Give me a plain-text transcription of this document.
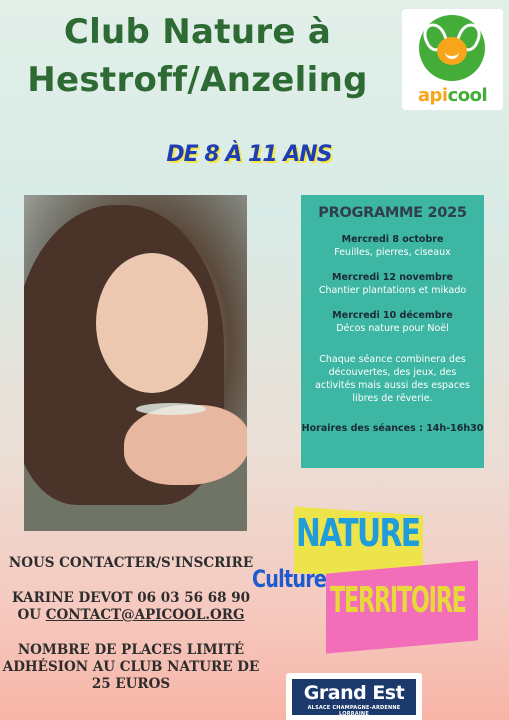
Club Nature à
Hestroff/Anzeling	apicool
DE 8 À 11 ANS
PROGRAMME 2025
Mercredi 8 octobre
Feuilles, pierres, ciseaux
Mercredi 12 novembre
Chantier plantations et mikado
Mercredi 10 décembre
Décos nature pour Noël
Chaque séance combinera des découvertes, des jeux, des activités mais aussi des espaces libres de rêverie.
Horaires des séances : 14h-16h30
NATURE
Culture
TERRITOIRE
NOUS CONTACTER/S'INSCRIRE
KARINE DEVOT 06 03 56 68 90
OU CONTACT@APICOOL.ORG
NOMBRE DE PLACES LIMITÉ
ADHÉSION AU CLUB NATURE DE
25 EUROS	Grand Est
ALSACE CHAMPAGNE-ARDENNE LORRAINE
